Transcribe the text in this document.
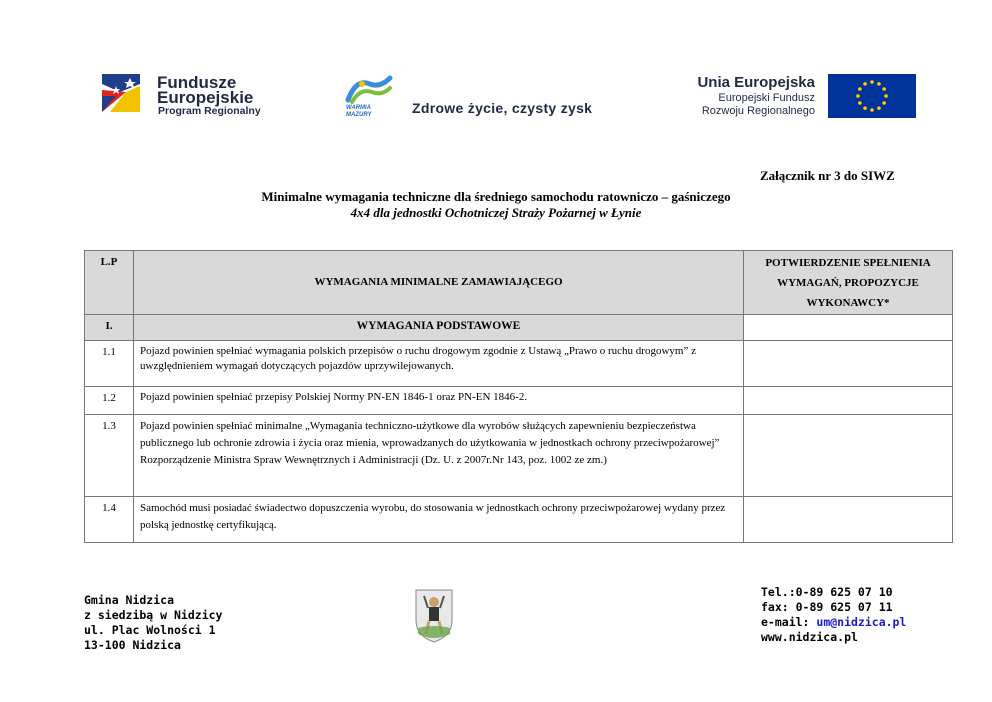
Fundusze
Europejskie
Program Regionalny	WARMIA
MAZURY	Zdrowe życie, czysty zysk
Unia Europejska
Europejski Fundusz
Rozwoju Regionalnego
Załącznik nr 3 do SIWZ
Minimalne wymagania techniczne dla średniego samochodu ratowniczo – gaśniczego
4x4 dla jednostki Ochotniczej Straży Pożarnej w Łynie
L.P	WYMAGANIA MINIMALNE ZAMAWIAJĄCEGO	POTWIERDZENIE SPEŁNIENIA WYMAGAŃ, PROPOZYCJE WYKONAWCY*
I.	WYMAGANIA PODSTAWOWE	
1.1	Pojazd powinien spełniać wymagania polskich przepisów o ruchu drogowym zgodnie z Ustawą „Prawo o ruchu drogowym” z uwzględnieniem wymagań dotyczących pojazdów uprzywilejowanych.	
1.2	Pojazd powinien spełniać przepisy Polskiej Normy PN-EN 1846-1 oraz PN-EN 1846-2.	
1.3	Pojazd powinien spełniać minimalne „Wymagania techniczno-użytkowe dla wyrobów służących zapewnieniu bezpieczeństwa publicznego lub ochronie zdrowia i życia oraz mienia, wprowadzanych do użytkowania w jednostkach ochrony przeciwpożarowej” Rozporządzenie Ministra Spraw Wewnętrznych i Administracji (Dz. U. z 2007r.Nr 143, poz. 1002 ze zm.)	
1.4	Samochód musi posiadać świadectwo dopuszczenia wyrobu, do stosowania w jednostkach ochrony przeciwpożarowej wydany przez polską jednostkę certyfikującą.	
Gmina Nidzica
z siedzibą w Nidzicy
ul. Plac Wolności 1
13-100 Nidzica
Tel.:0-89 625 07 10
fax: 0-89 625 07 11
e-mail: um@nidzica.pl
www.nidzica.pl
